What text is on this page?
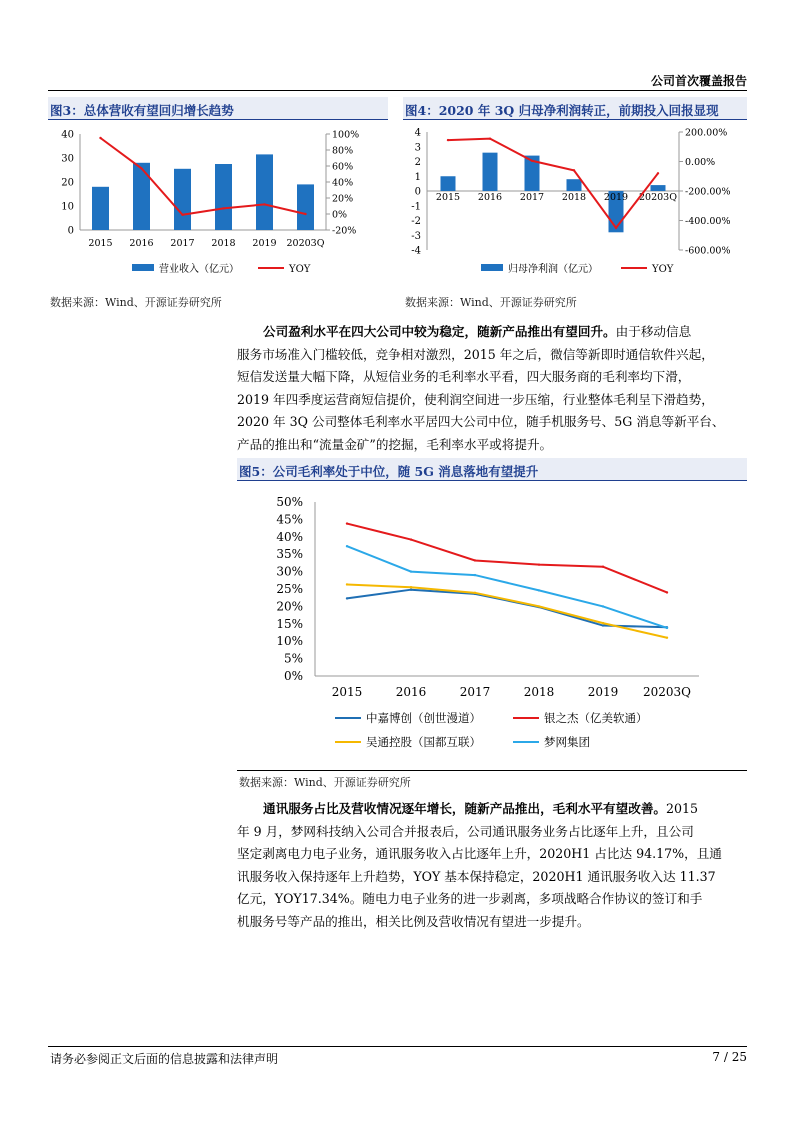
公司首次覆盖报告
图3：总体营收有望回归增长趋势
0
10
20
30
40
-20%
0%
20%
40%
60%
80%
100%
2015 2016 2017 2018 2019 20203Q
营业收入（亿元）	YOY
数据来源：Wind、开源证券研究所
图4：2020 年 3Q 归母净利润转正，前期投入回报显现
-4
-3
-2
-1
0
1
2
3
4
-600.00%
-400.00%
-200.00%
0.00%
200.00%
2015 2016 2017 2018 2019 20203Q
归母净利润（亿元）	YOY
数据来源：Wind、开源证券研究所
公司盈利水平在四大公司中较为稳定，随新产品推出有望回升。由于移动信息
服务市场准入门槛较低，竞争相对激烈，2015 年之后，微信等新即时通信软件兴起，
短信发送量大幅下降，从短信业务的毛利率水平看，四大服务商的毛利率均下滑，
2019 年四季度运营商短信提价，使利润空间进一步压缩，行业整体毛利呈下滑趋势，
2020 年 3Q 公司整体毛利率水平居四大公司中位，随手机服务号、5G 消息等新平台、
产品的推出和“流量金矿”的挖掘，毛利率水平或将提升。
图5：公司毛利率处于中位，随 5G 消息落地有望提升
0%
5%
10%
15%
20%
25%
30%
35%
40%
45%
50%
2015	2016	2017	2018	2019 20203Q
中嘉博创（创世漫道）	银之杰（亿美软通）
吴通控股（国都互联）	梦网集团
数据来源：Wind、开源证券研究所
通讯服务占比及营收情况逐年增长，随新产品推出，毛利水平有望改善。2015
年 9 月，梦网科技纳入公司合并报表后，公司通讯服务业务占比逐年上升，且公司
坚定剥离电力电子业务，通讯服务收入占比逐年上升，2020H1 占比达 94.17%，且通
讯服务收入保持逐年上升趋势，YOY 基本保持稳定，2020H1 通讯服务收入达 11.37
亿元，YOY17.34%。随电力电子业务的进一步剥离，多项战略合作协议的签订和手
机服务号等产品的推出，相关比例及营收情况有望进一步提升。
请务必参阅正文后面的信息披露和法律声明	7 / 25
